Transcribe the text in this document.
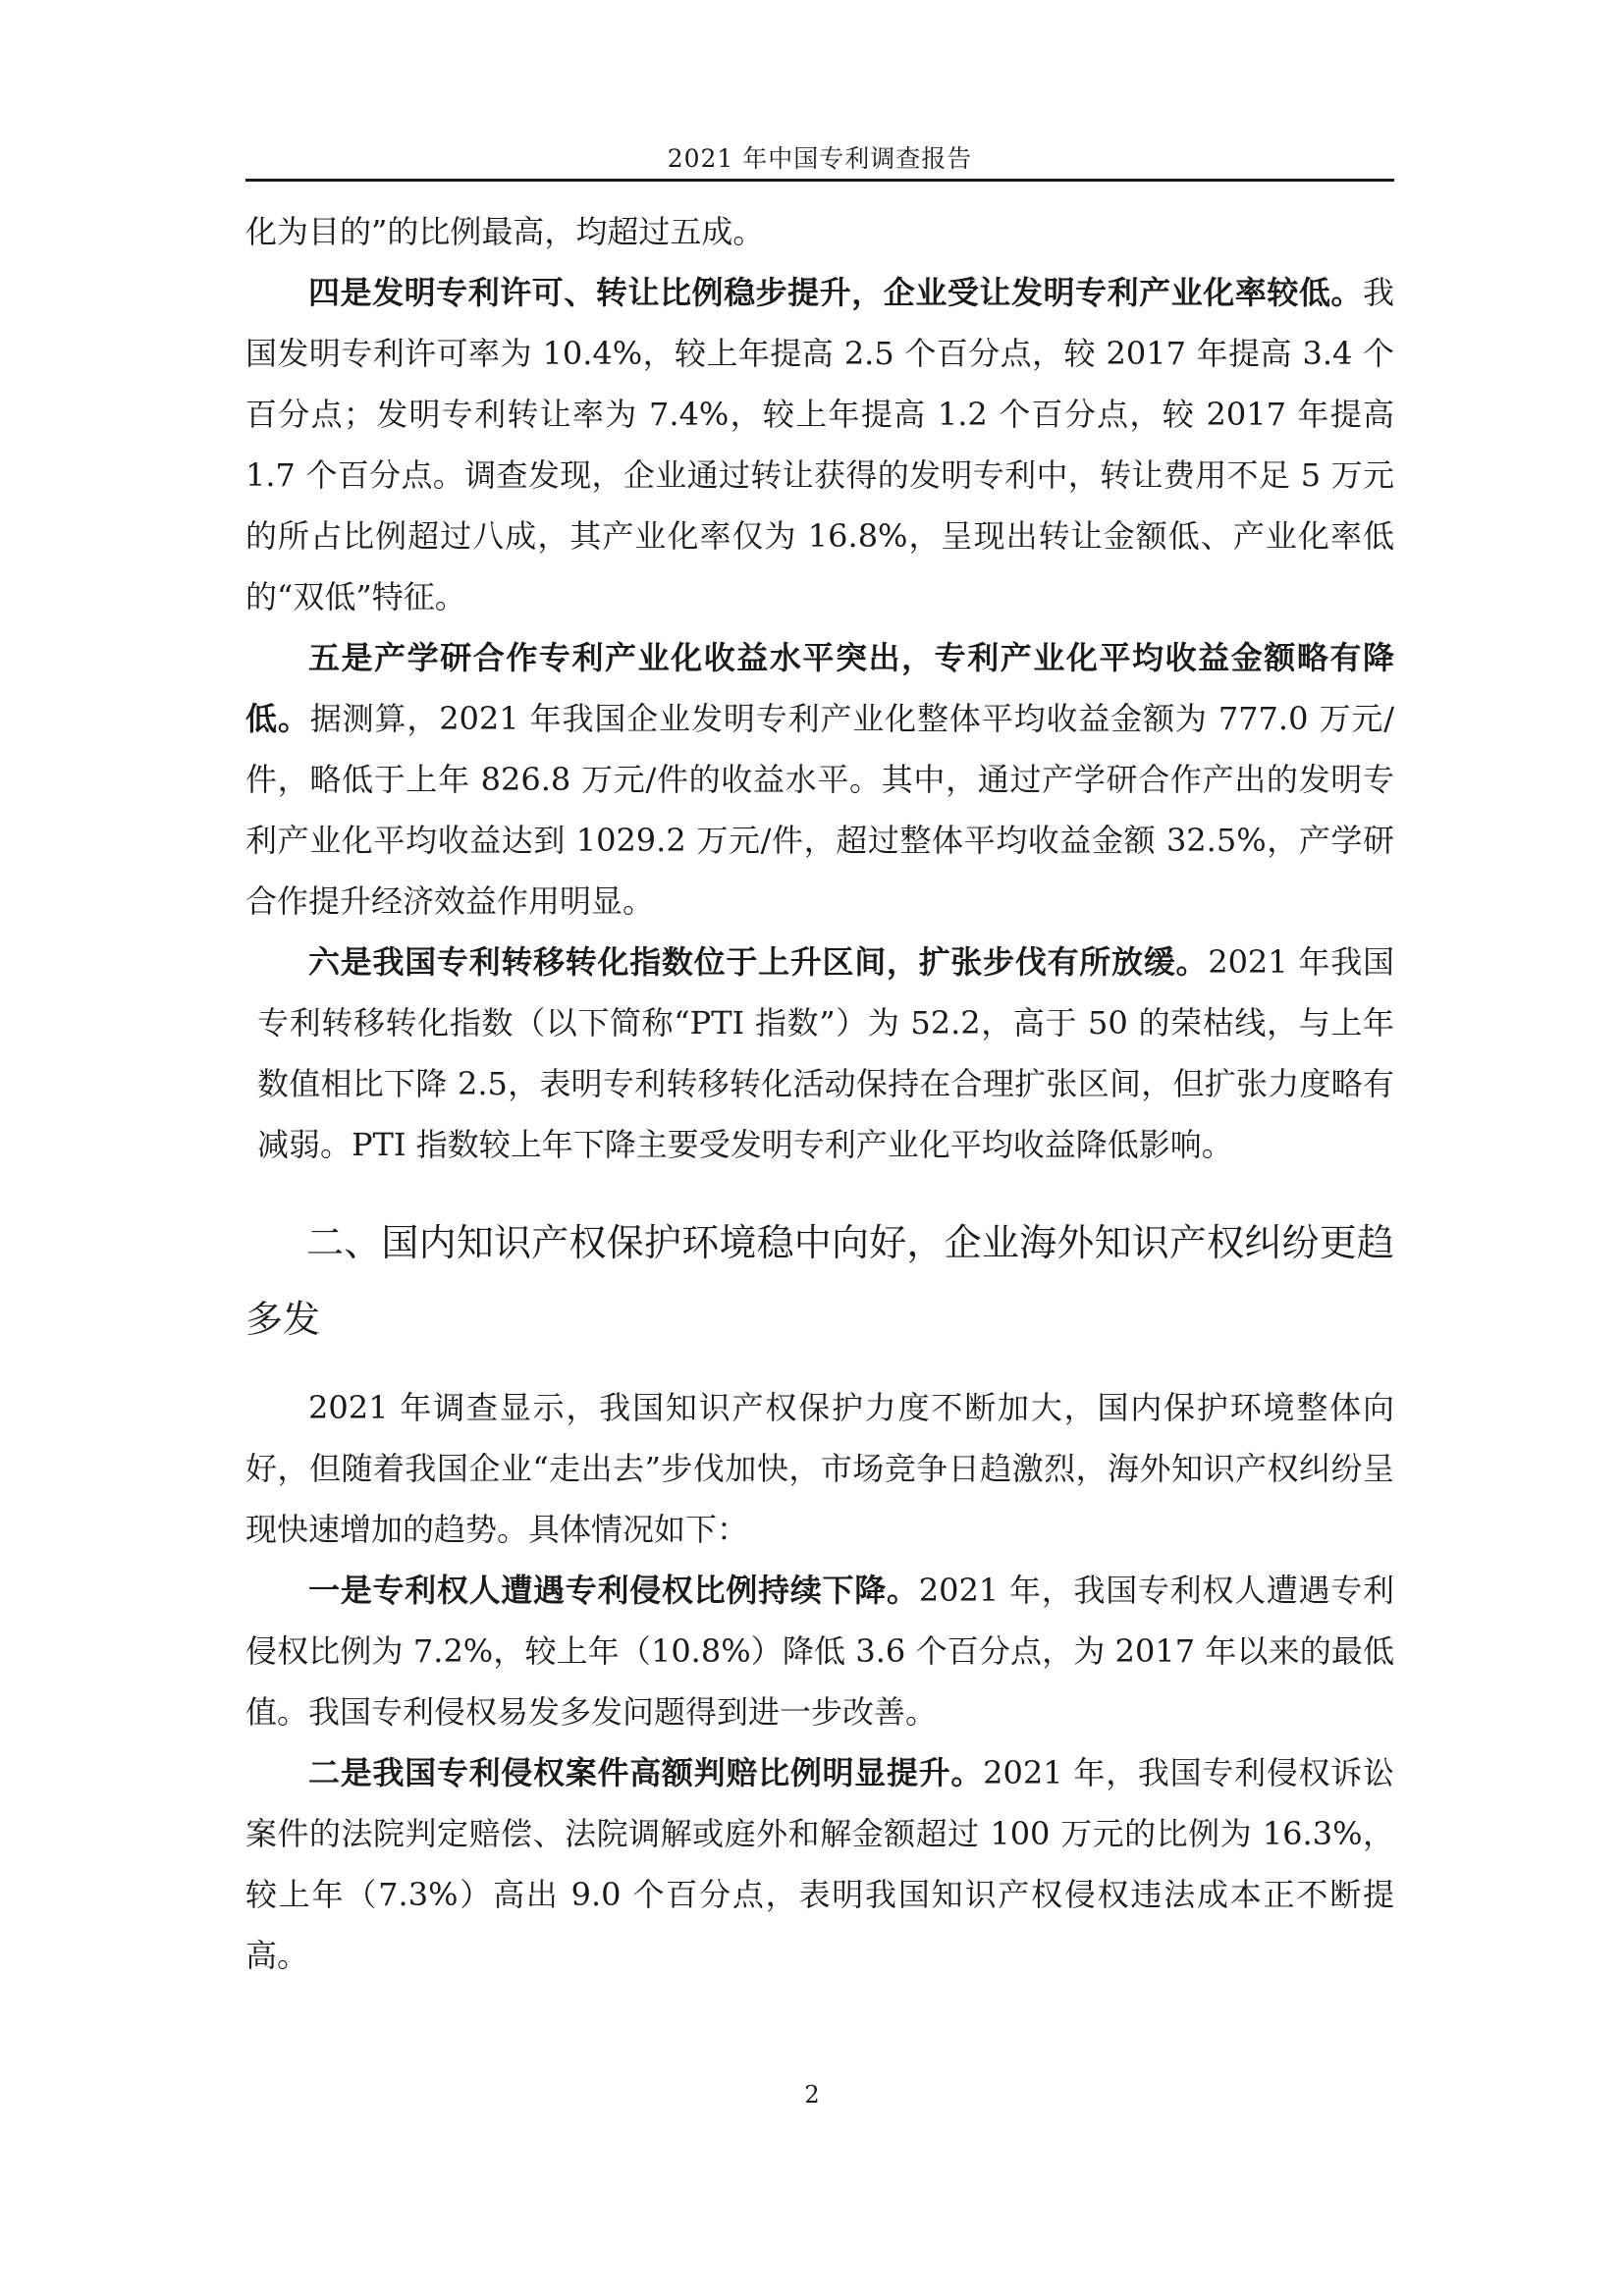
2021 年中国专利调查报告

化为目的”的比例最高，均超过五成。

四是发明专利许可、转让比例稳步提升，企业受让发明专利产业化率较低。我国发明专利许可率为 10.4%，较上年提高 2.5 个百分点，较 2017 年提高 3.4 个百分点；发明专利转让率为 7.4%，较上年提高 1.2 个百分点，较 2017 年提高 1.7 个百分点。调查发现，企业通过转让获得的发明专利中，转让费用不足 5 万元的所占比例超过八成，其产业化率仅为 16.8%，呈现出转让金额低、产业化率低的“双低”特征。

五是产学研合作专利产业化收益水平突出，专利产业化平均收益金额略有降低。据测算，2021 年我国企业发明专利产业化整体平均收益金额为 777.0 万元/件，略低于上年 826.8 万元/件的收益水平。其中，通过产学研合作产出的发明专利产业化平均收益达到 1029.2 万元/件，超过整体平均收益金额 32.5%，产学研合作提升经济效益作用明显。

六是我国专利转移转化指数位于上升区间，扩张步伐有所放缓。2021 年我国专利转移转化指数（以下简称“PTI 指数”）为 52.2，高于 50 的荣枯线，与上年数值相比下降 2.5，表明专利转移转化活动保持在合理扩张区间，但扩张力度略有减弱。PTI 指数较上年下降主要受发明专利产业化平均收益降低影响。

二、国内知识产权保护环境稳中向好，企业海外知识产权纠纷更趋多发

2021 年调查显示，我国知识产权保护力度不断加大，国内保护环境整体向好，但随着我国企业“走出去”步伐加快，市场竞争日趋激烈，海外知识产权纠纷呈现快速增加的趋势。具体情况如下：

一是专利权人遭遇专利侵权比例持续下降。2021 年，我国专利权人遭遇专利侵权比例为 7.2%，较上年（10.8%）降低 3.6 个百分点，为 2017 年以来的最低值。我国专利侵权易发多发问题得到进一步改善。

二是我国专利侵权案件高额判赔比例明显提升。2021 年，我国专利侵权诉讼案件的法院判定赔偿、法院调解或庭外和解金额超过 100 万元的比例为 16.3%，较上年（7.3%）高出 9.0 个百分点，表明我国知识产权侵权违法成本正不断提高。

2
